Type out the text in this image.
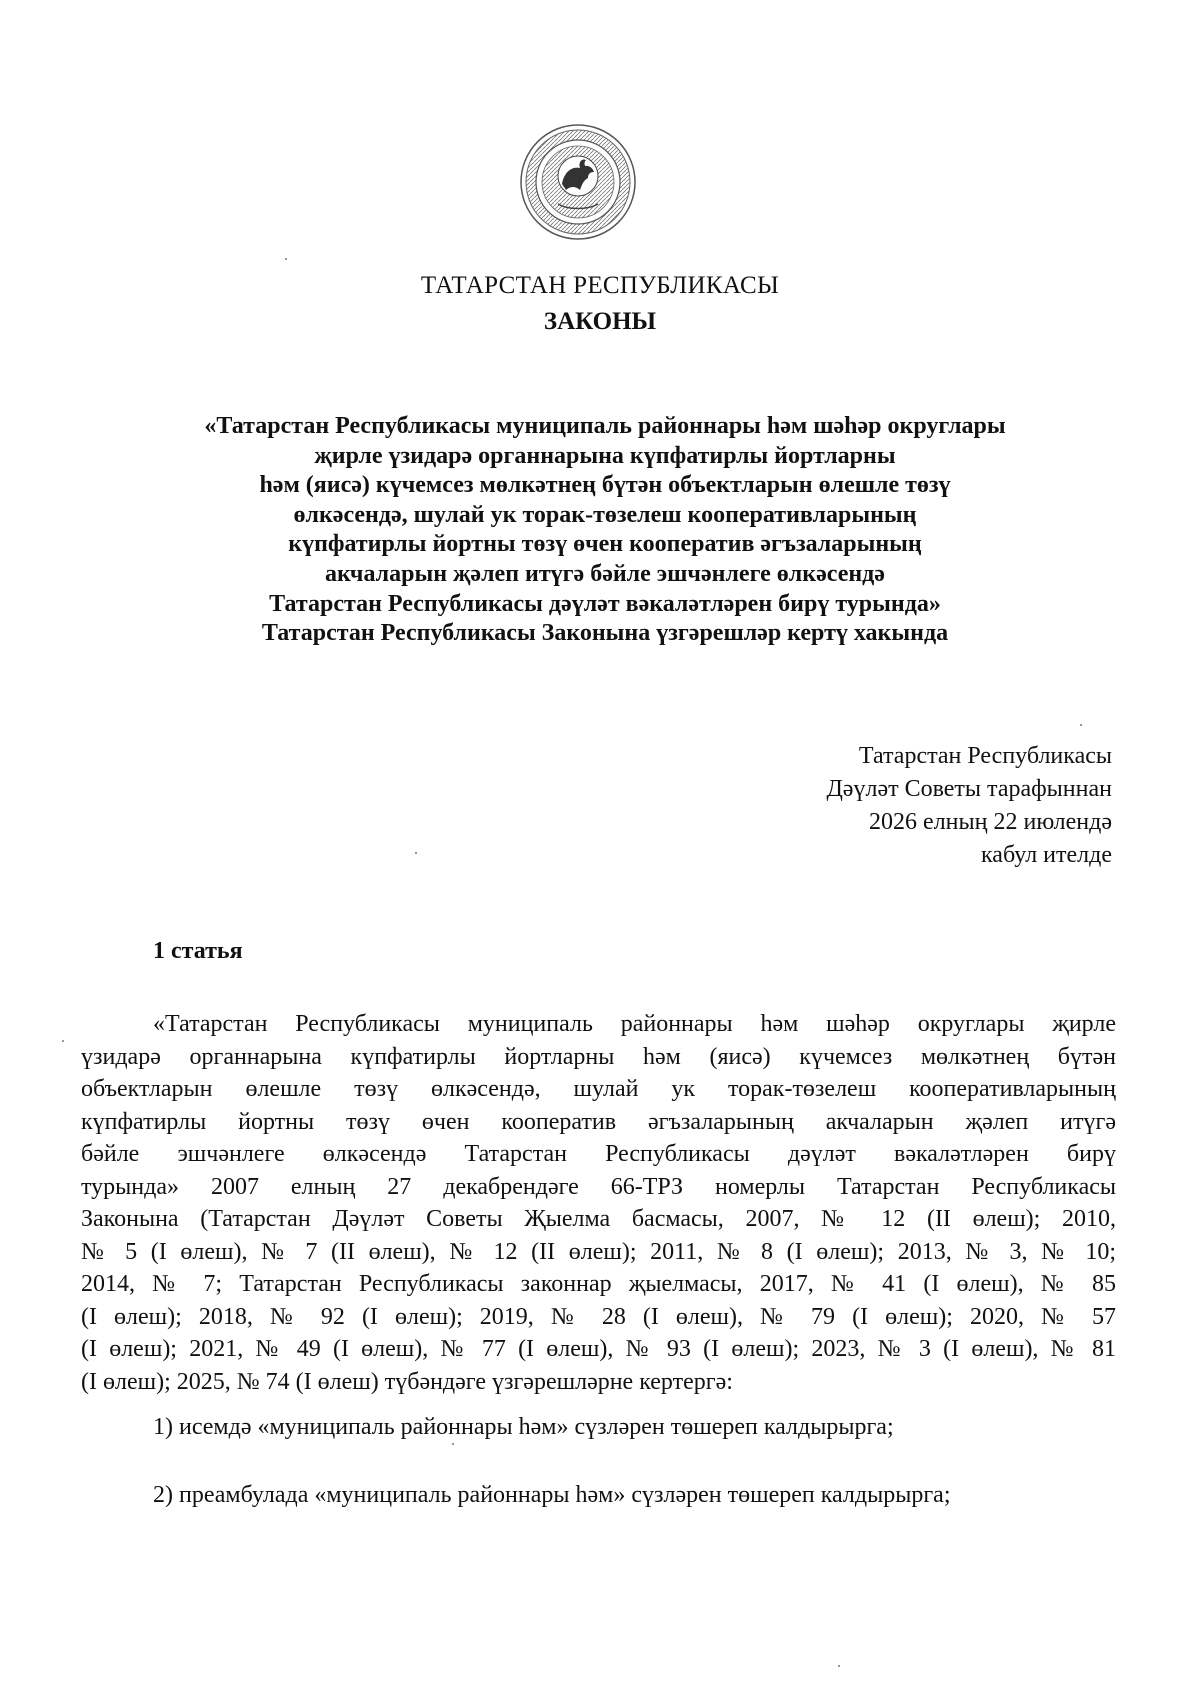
ТАТАРСТАН РЕСПУБЛИКАСЫ
ЗАКОНЫ
«Татарстан Республикасы муниципаль районнары һәм шәһәр округлары
җирле үзидарә органнарына күпфатирлы йортларны
һәм (яисә) күчемсез мөлкәтнең бүтән объектларын өлешле төзү
өлкәсендә, шулай ук торак-төзелеш кооперативларының
күпфатирлы йортны төзү өчен кооператив әгъзаларының
акчаларын җәлеп итүгә бәйле эшчәнлеге өлкәсендә
Татарстан Республикасы дәүләт вәкаләтләрен бирү турында»
Татарстан Республикасы Законына үзгәрешләр кертү хакында
Татарстан Республикасы
Дәүләт Советы тарафыннан
2026 елның 22 июлендә
кабул ителде
1 статья
«Татарстан Республикасы муниципаль районнары һәм шәһәр округлары җирле
үзидарә органнарына күпфатирлы йортларны һәм (яисә) күчемсез мөлкәтнең бүтән
объектларын өлешле төзү өлкәсендә, шулай ук торак-төзелеш кооперативларының
күпфатирлы йортны төзү өчен кооператив әгъзаларының акчаларын җәлеп итүгә
бәйле эшчәнлеге өлкәсендә Татарстан Республикасы дәүләт вәкаләтләрен бирү
турында» 2007 елның 27 декабрендәге 66-ТРЗ номерлы Татарстан Республикасы
Законына (Татарстан Дәүләт Советы Җыелма басмасы, 2007, № 12 (II өлеш); 2010,
№ 5 (I өлеш), № 7 (II өлеш), № 12 (II өлеш); 2011, № 8 (I өлеш); 2013, № 3, № 10;
2014, № 7; Татарстан Республикасы законнар җыелмасы, 2017, № 41 (I өлеш), № 85
(I өлеш); 2018, № 92 (I өлеш); 2019, № 28 (I өлеш), № 79 (I өлеш); 2020, № 57
(I өлеш); 2021, № 49 (I өлеш), № 77 (I өлеш), № 93 (I өлеш); 2023, № 3 (I өлеш), № 81
(I өлеш); 2025, № 74 (I өлеш) түбәндәге үзгәрешләрне кертергә:
1) исемдә «муниципаль районнары һәм» сүзләрен төшереп калдырырга;
2) преамбулада «муниципаль районнары һәм» сүзләрен төшереп калдырырга;
